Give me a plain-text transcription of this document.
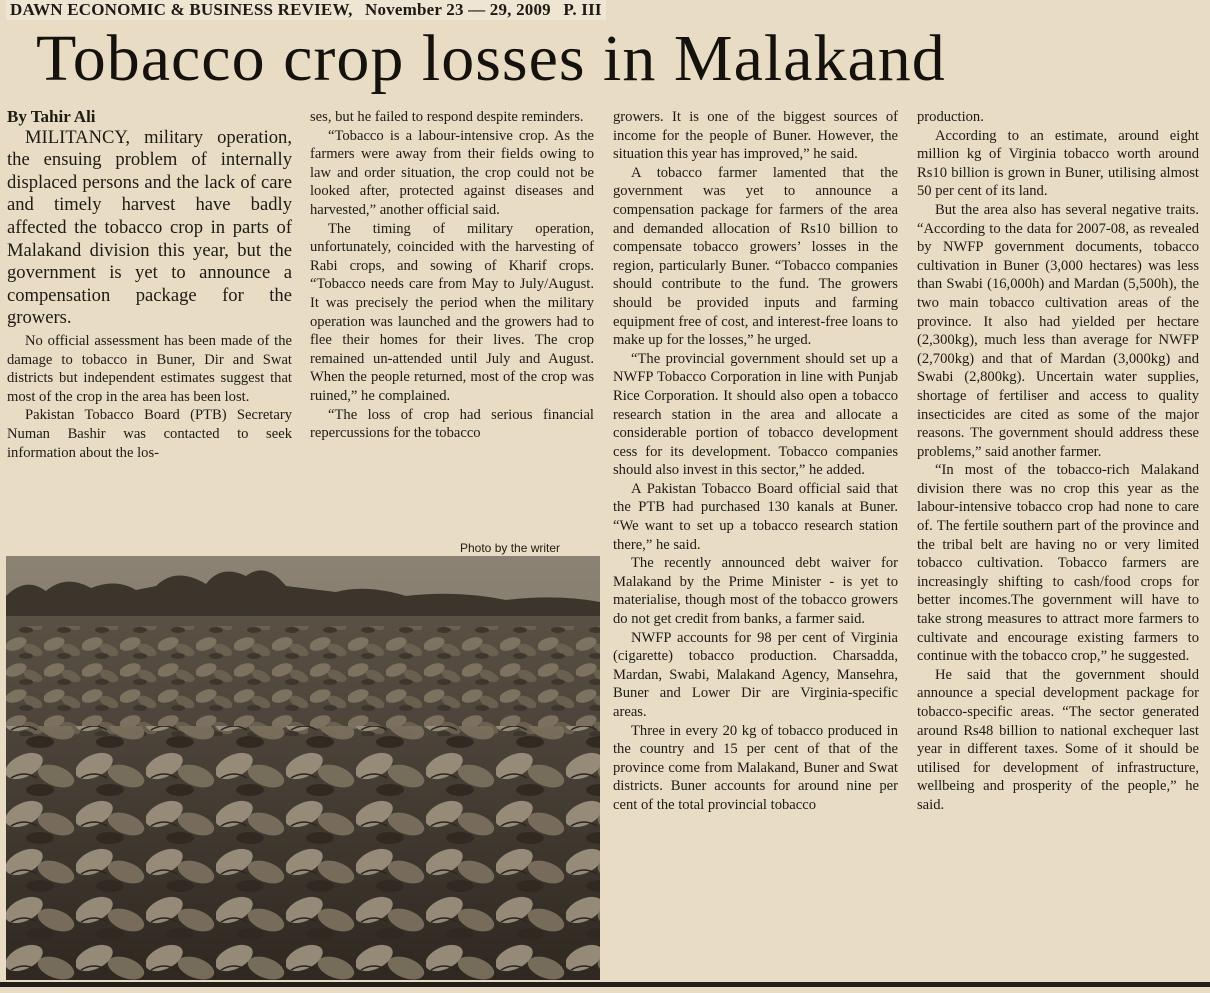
DAWN ECONOMIC & BUSINESS REVIEW, November 23 — 29, 2009 P. III
Tobacco crop losses in Malakand

By Tahir Ali

MILITANCY, military operation, the ensuing problem of internally displaced persons and the lack of care and timely harvest have badly affected the tobacco crop in parts of Malakand division this year, but the government is yet to announce a compensation package for the growers.

No official assessment has been made of the damage to tobacco in Buner, Dir and Swat districts but independent estimates suggest that most of the crop in the area has been lost.

Pakistan Tobacco Board (PTB) Secretary Numan Bashir was contacted to seek information about the los-

ses, but he failed to respond despite reminders.

“Tobacco is a labour-intensive crop. As the farmers were away from their fields owing to law and order situation, the crop could not be looked after, protected against diseases and harvested,” another official said.

The timing of military operation, unfortunately, coincided with the harvesting of Rabi crops, and sowing of Kharif crops. “Tobacco needs care from May to July/August. It was precisely the period when the military operation was launched and the growers had to flee their homes for their lives. The crop remained un-attended until July and August. When the people returned, most of the crop was ruined,” he complained.

“The loss of crop had serious financial repercussions for the tobacco

growers. It is one of the biggest sources of income for the people of Buner. However, the situation this year has improved,” he said.

A tobacco farmer lamented that the government was yet to announce a compensation package for farmers of the area and demanded allocation of Rs10 billion to compensate tobacco growers’ losses in the region, particularly Buner. “Tobacco companies should contribute to the fund. The growers should be provided inputs and farming equipment free of cost, and interest-free loans to make up for the losses,” he urged.

“The provincial government should set up a NWFP Tobacco Corporation in line with Punjab Rice Corporation. It should also open a tobacco research station in the area and allocate a considerable portion of tobacco development cess for its development. Tobacco companies should also invest in this sector,” he added.

A Pakistan Tobacco Board official said that the PTB had purchased 130 kanals at Buner. “We want to set up a tobacco research station there,” he said.

The recently announced debt waiver for Malakand by the Prime Minister - is yet to materialise, though most of the tobacco growers do not get credit from banks, a farmer said.

NWFP accounts for 98 per cent of Virginia (cigarette) tobacco production. Charsadda, Mardan, Swabi, Malakand Agency, Mansehra, Buner and Lower Dir are Virginia-specific areas.

Three in every 20 kg of tobacco produced in the country and 15 per cent of that of the province come from Malakand, Buner and Swat districts. Buner accounts for around nine per cent of the total provincial tobacco

production.

According to an estimate, around eight million kg of Virginia tobacco worth around Rs10 billion is grown in Buner, utilising almost 50 per cent of its land.

But the area also has several negative traits. “According to the data for 2007-08, as revealed by NWFP government documents, tobacco cultivation in Buner (3,000 hectares) was less than Swabi (16,000h) and Mardan (5,500h), the two main tobacco cultivation areas of the province. It also had yielded per hectare (2,300kg), much less than average for NWFP (2,700kg) and that of Mardan (3,000kg) and Swabi (2,800kg). Uncertain water supplies, shortage of fertiliser and access to quality insecticides are cited as some of the major reasons. The government should address these problems,” said another farmer.

“In most of the tobacco-rich Malakand division there was no crop this year as the labour-intensive tobacco crop had none to care of. The fertile southern part of the province and the tribal belt are having no or very limited tobacco cultivation. Tobacco farmers are increasingly shifting to cash/food crops for better incomes.The government will have to take strong measures to attract more farmers to cultivate and encourage existing farmers to continue with the tobacco crop,” he suggested.

He said that the government should announce a special development package for tobacco-specific areas. “The sector generated around Rs48 billion to national exchequer last year in different taxes. Some of it should be utilised for development of infrastructure, wellbeing and prosperity of the people,” he said.

Photo by the writer
